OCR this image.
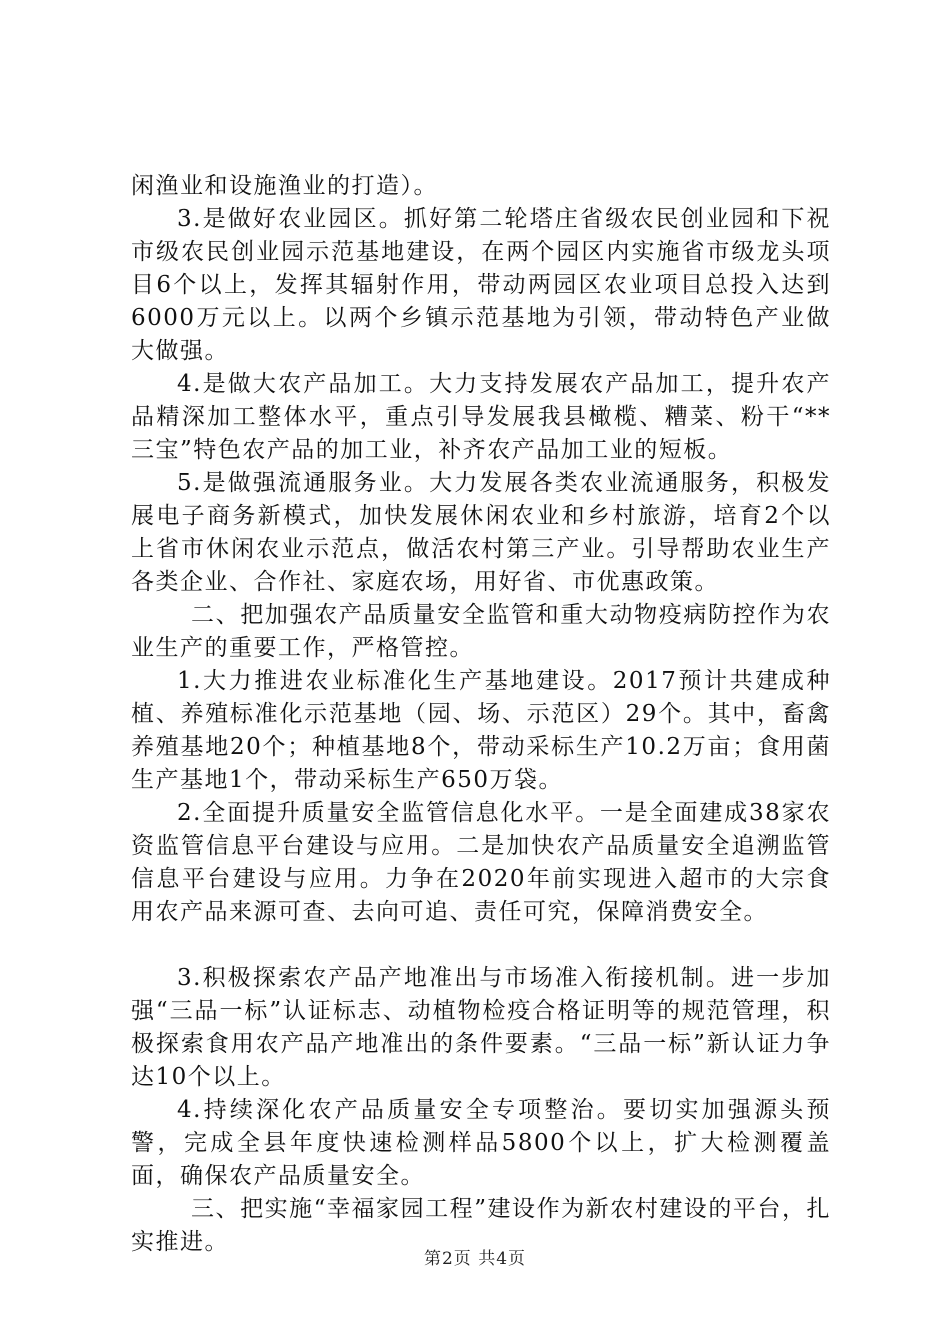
闲渔业和设施渔业的打造）。

3.是做好农业园区。抓好第二轮塔庄省级农民创业园和下祝市级农民创业园示范基地建设，在两个园区内实施省市级龙头项目6个以上，发挥其辐射作用，带动两园区农业项目总投入达到6000万元以上。以两个乡镇示范基地为引领，带动特色产业做大做强。

4.是做大农产品加工。大力支持发展农产品加工，提升农产品精深加工整体水平，重点引导发展我县橄榄、糟菜、粉干“**三宝”特色农产品的加工业，补齐农产品加工业的短板。

5.是做强流通服务业。大力发展各类农业流通服务，积极发展电子商务新模式，加快发展休闲农业和乡村旅游，培育2个以上省市休闲农业示范点，做活农村第三产业。引导帮助农业生产各类企业、合作社、家庭农场，用好省、市优惠政策。

二、把加强农产品质量安全监管和重大动物疫病防控作为农业生产的重要工作，严格管控。

1.大力推进农业标准化生产基地建设。2017预计共建成种植、养殖标准化示范基地（园、场、示范区）29个。其中，畜禽养殖基地20个；种植基地8个，带动采标生产10.2万亩；食用菌生产基地1个，带动采标生产650万袋。

2.全面提升质量安全监管信息化水平。一是全面建成38家农资监管信息平台建设与应用。二是加快农产品质量安全追溯监管信息平台建设与应用。力争在2020年前实现进入超市的大宗食用农产品来源可查、去向可追、责任可究，保障消费安全。

3.积极探索农产品产地准出与市场准入衔接机制。进一步加强“三品一标”认证标志、动植物检疫合格证明等的规范管理，积极探索食用农产品产地准出的条件要素。“三品一标”新认证力争达10个以上。

4.持续深化农产品质量安全专项整治。要切实加强源头预警，完成全县年度快速检测样品5800个以上，扩大检测覆盖面，确保农产品质量安全。

三、把实施“幸福家园工程”建设作为新农村建设的平台，扎实推进。

第2页 共4页
